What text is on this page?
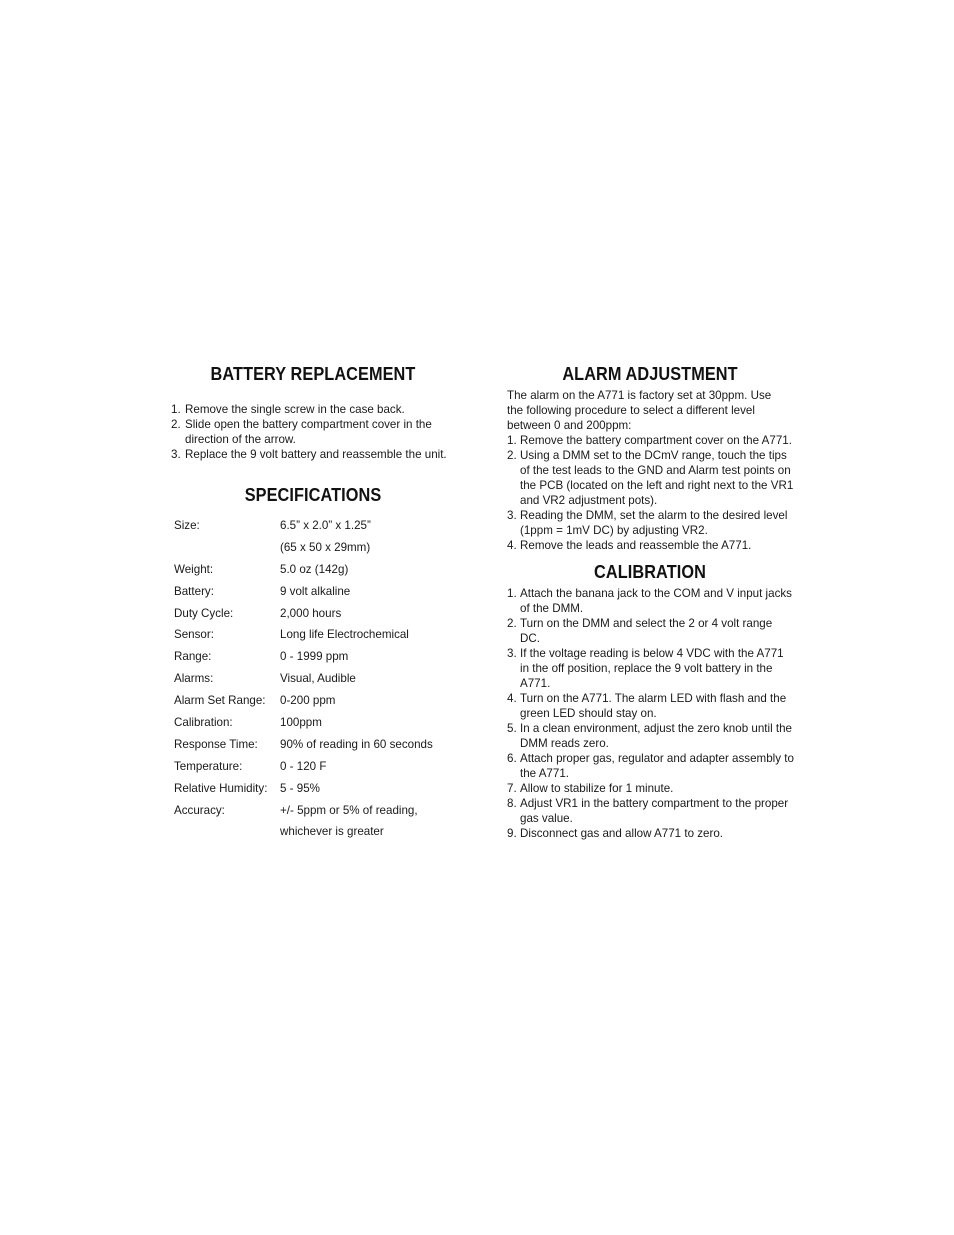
BATTERY REPLACEMENT
1. Remove the single screw in the case back.
2. Slide open the battery compartment cover in the direction of the arrow.
3. Replace the 9 volt battery and reassemble the unit.
SPECIFICATIONS
Size:	6.5” x 2.0” x 1.25”
	(65 x 50 x 29mm)
Weight:	5.0 oz (142g)
Battery:	9 volt alkaline
Duty Cycle:	2,000 hours
Sensor:	Long life Electrochemical
Range:	0 - 1999 ppm
Alarms:	Visual, Audible
Alarm Set Range:	0-200 ppm
Calibration:	100ppm
Response Time:	90% of reading in 60 seconds
Temperature:	0 - 120 F
Relative Humidity:	5 - 95%
Accuracy:	+/- 5ppm or 5% of reading,
	whichever is greater
ALARM ADJUSTMENT
The alarm on the A771 is factory set at 30ppm. Use the following procedure to select a different level between 0 and 200ppm:
1. Remove the battery compartment cover on the A771.
2. Using a DMM set to the DCmV range, touch the tips of the test leads to the GND and Alarm test points on the PCB (located on the left and right next to the VR1 and VR2 adjustment pots).
3. Reading the DMM, set the alarm to the desired level (1ppm = 1mV DC) by adjusting VR2.
4. Remove the leads and reassemble the A771.
CALIBRATION
1. Attach the banana jack to the COM and V input jacks of the DMM.
2. Turn on the DMM and select the 2 or 4 volt range DC.
3. If the voltage reading is below 4 VDC with the A771 in the off position, replace the 9 volt battery in the A771.
4. Turn on the A771. The alarm LED with flash and the green LED should stay on.
5. In a clean environment, adjust the zero knob until the DMM reads zero.
6. Attach proper gas, regulator and adapter assembly to the A771.
7. Allow to stabilize for 1 minute.
8. Adjust VR1 in the battery compartment to the proper gas value.
9. Disconnect gas and allow A771 to zero.
